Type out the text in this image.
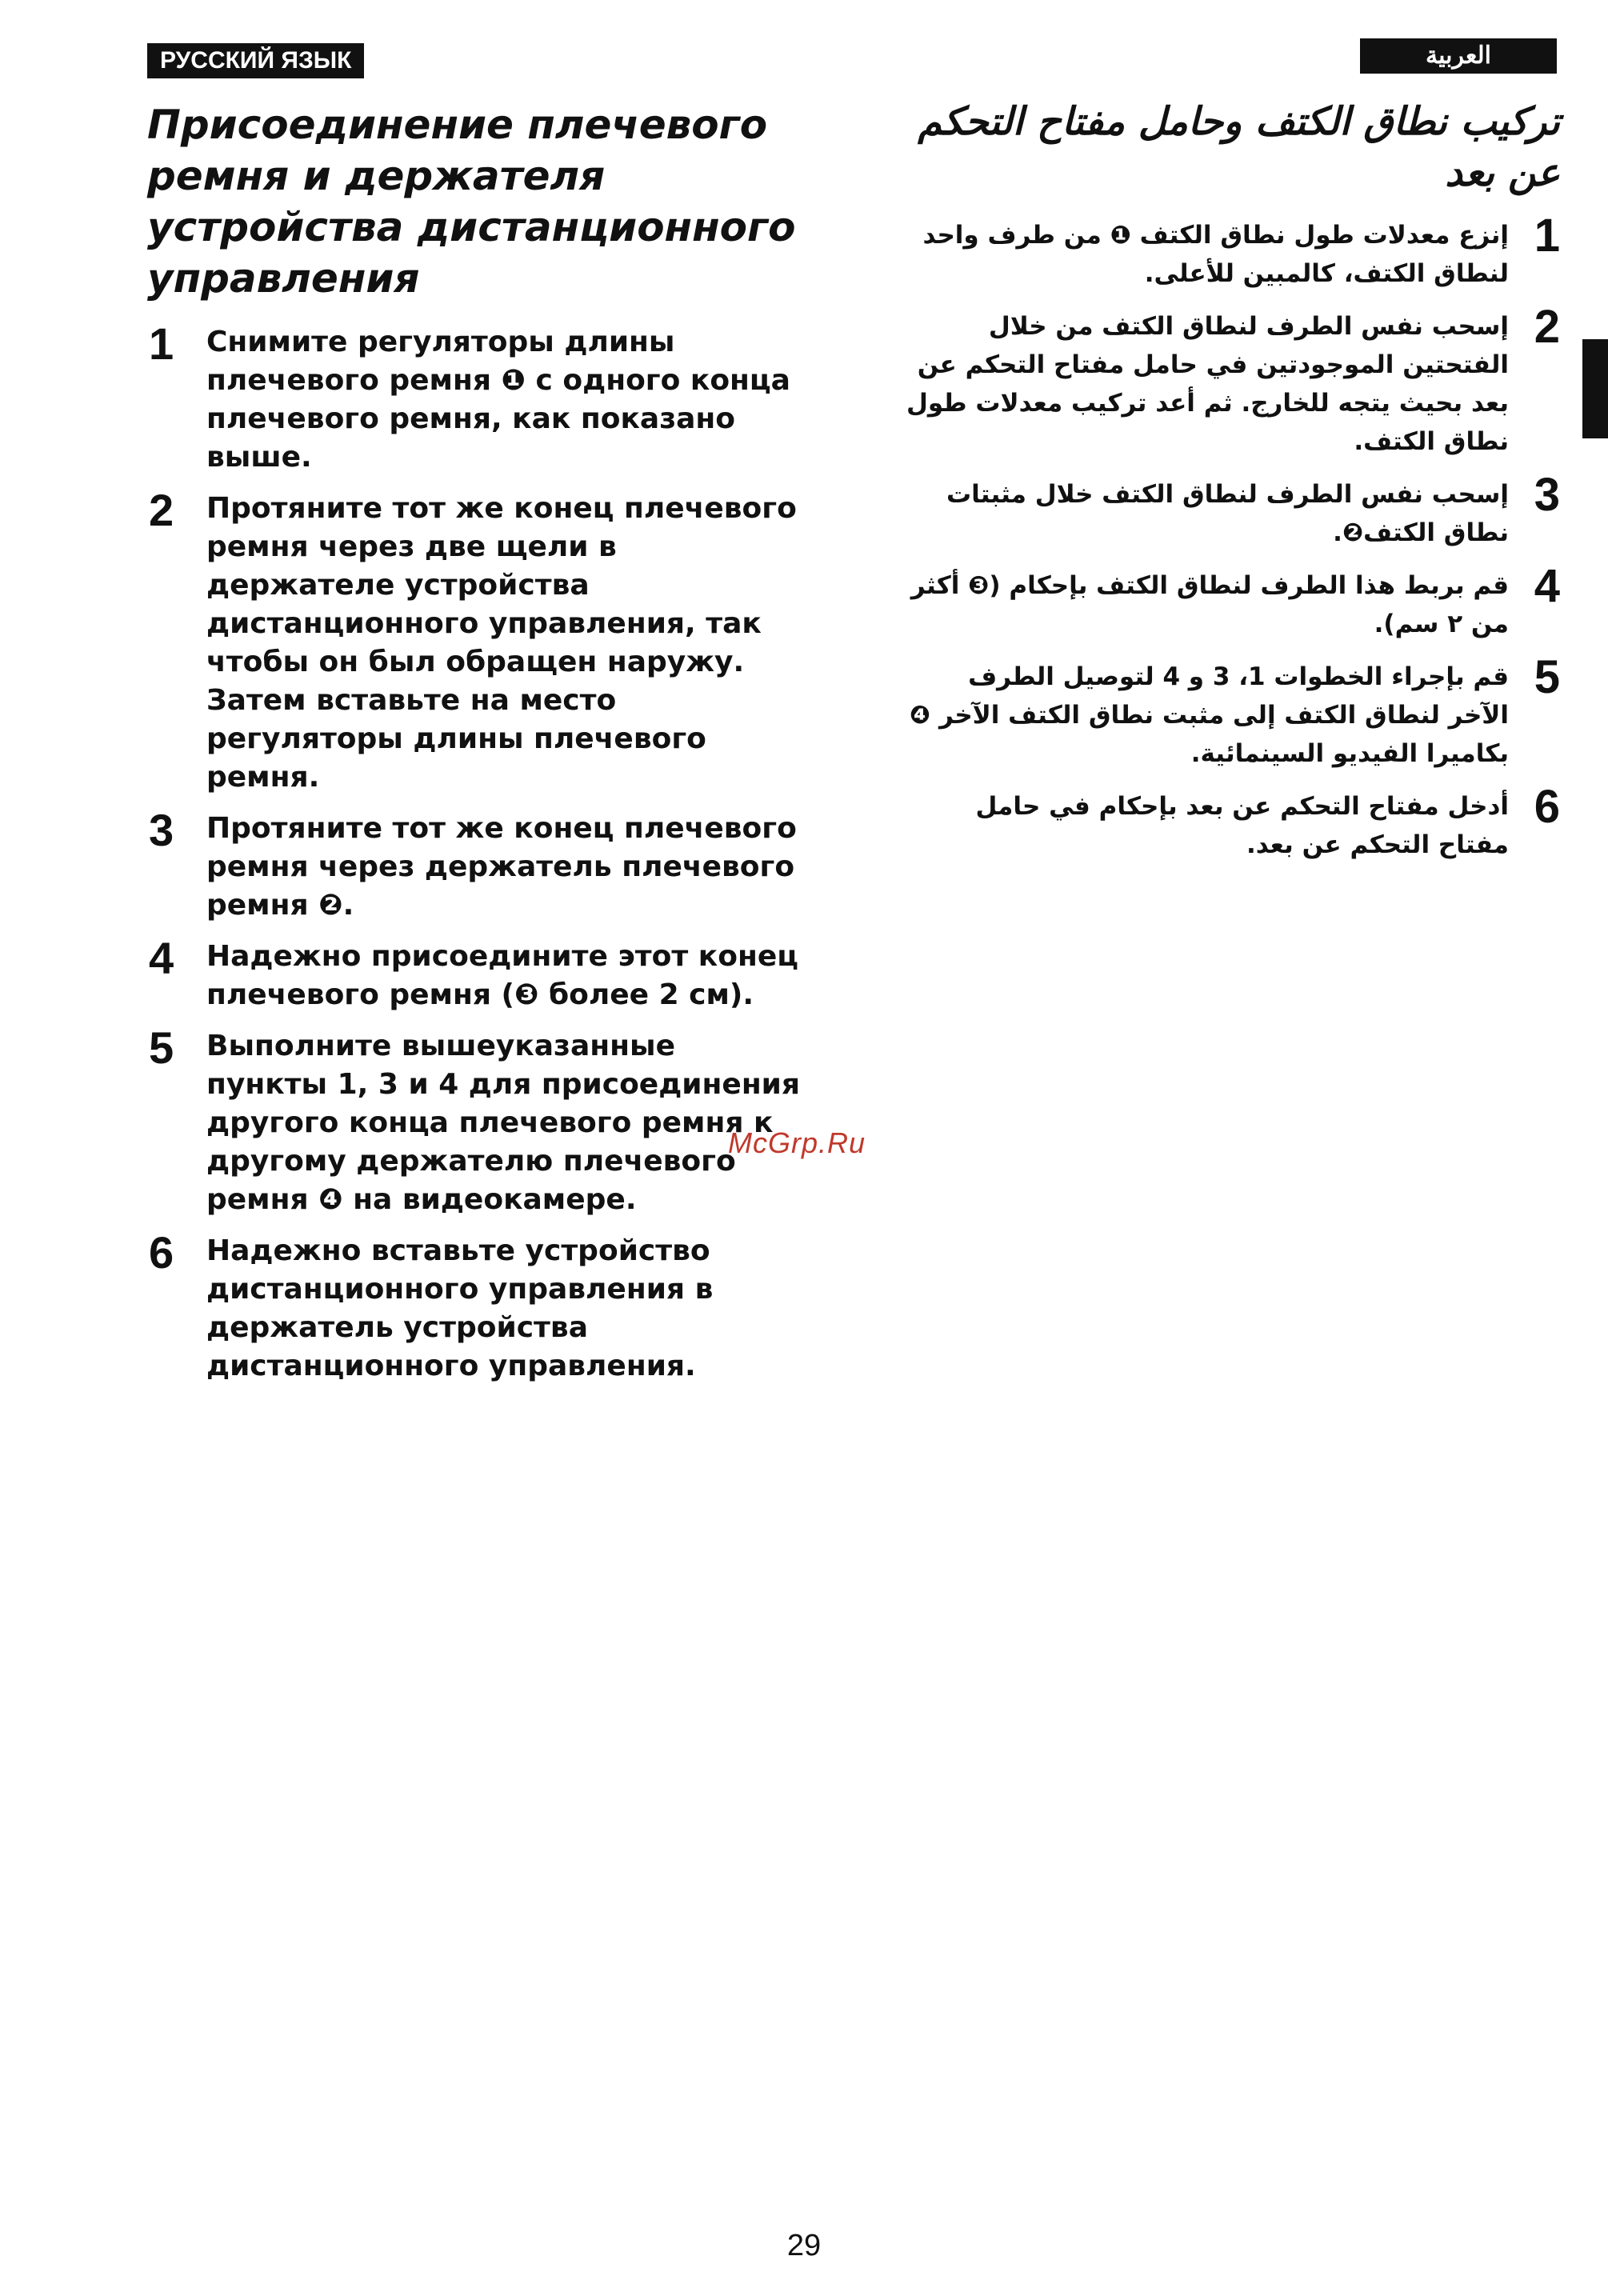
РУССКИЙ ЯЗЫК	العربية
Присоединение плечевого ремня и держателя устройства дистанционного управления
1 Снимите регуляторы длины плечевого ремня ❶ с одного конца плечевого ремня, как показано выше.
2 Протяните тот же конец плечевого ремня через две щели в держателе устройства дистанционного управления, так чтобы он был обращен наружу. Затем вставьте на место регуляторы длины плечевого ремня.
3 Протяните тот же конец плечевого ремня через держатель плечевого ремня ❷.
4 Надежно присоедините этот конец плечевого ремня (❸ более 2 см).
5 Выполните вышеуказанные пункты 1, 3 и 4 для присоединения другого конца плечевого ремня к другому держателю плечевого ремня ❹ на видеокамере.
6 Надежно вставьте устройство дистанционного управления в держатель устройства дистанционного управления.
تركيب نطاق الكتف وحامل مفتاح التحكم عن بعد
1
إنزع معدلات طول نطاق الكتف ❶ من طرف واحد لنطاق الكتف، كالمبين للأعلى.
2
إسحب نفس الطرف لنطاق الكتف من خلال الفتحتين الموجودتين في حامل مفتاح التحكم عن بعد بحيث يتجه للخارج. ثم أعد تركيب معدلات طول نطاق الكتف.
3
إسحب نفس الطرف لنطاق الكتف خلال مثبتات نطاق الكتف❷.
4
قم بربط هذا الطرف لنطاق الكتف بإحكام (❸ أكثر من ٢ سم).
5
قم بإجراء الخطوات 1، 3 و 4 لتوصيل الطرف الآخر لنطاق الكتف إلى مثبت نطاق الكتف الآخر ❹ بكاميرا الفيديو السينمائية.
6
أدخل مفتاح التحكم عن بعد بإحكام في حامل مفتاح التحكم عن بعد.
McGrp.Ru
29
